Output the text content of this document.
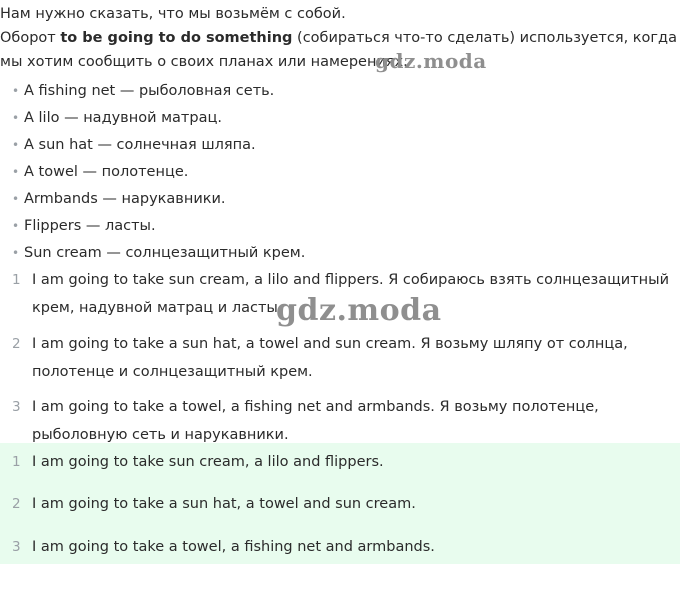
Нам нужно сказать, что мы возьмём с собой.

Оборот to be going to do something (собираться что-то сделать) используется, когда мы хотим сообщить о своих планах или намерениях.

• A fishing net — рыболовная сеть.
• A lilo — надувной матрац.
• A sun hat — солнечная шляпа.
• A towel — полотенце.
• Armbands — нарукавники.
• Flippers — ласты.
• Sun cream — солнцезащитный крем.
1 I am going to take sun cream, a lilo and flippers. Я собираюсь взять солнцезащитный
крем, надувной матрац и ласты.
2 I am going to take a sun hat, a towel and sun cream. Я возьму шляпу от солнца,
полотенце и солнцезащитный крем.
3 I am going to take a towel, a fishing net and armbands. Я возьму полотенце,
рыболовную сеть и нарукавники.
1 I am going to take sun cream, a lilo and flippers.
2 I am going to take a sun hat, a towel and sun cream.
3 I am going to take a towel, a fishing net and armbands.
gdz.moda
gdz.moda
